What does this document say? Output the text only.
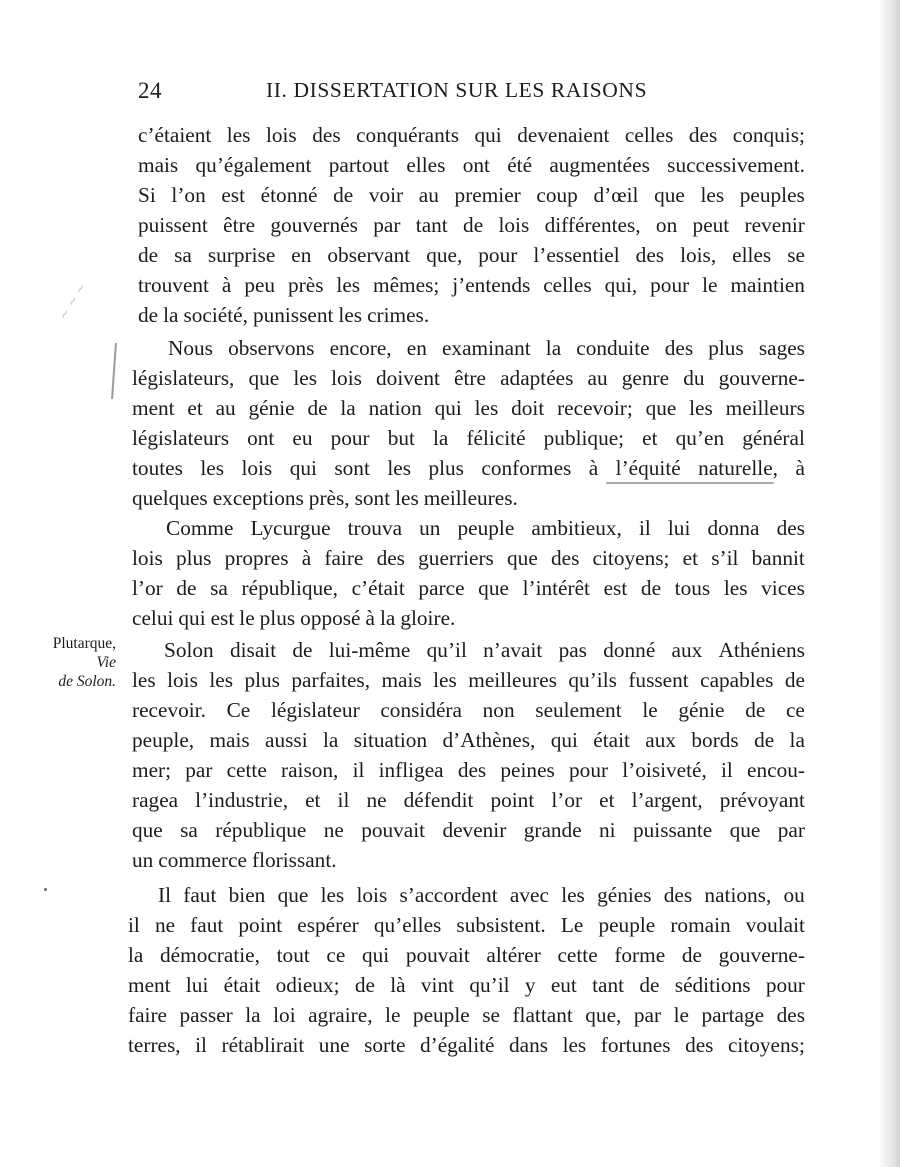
24	II. DISSERTATION SUR LES RAISONS
Plutarque,
Vie
de Solon.
~ ~ ~
c’étaient les lois des conquérants qui devenaient celles des conquis;
mais qu’également partout elles ont été augmentées successivement.
Si l’on est étonné de voir au premier coup d’œil que les peuples
puissent être gouvernés par tant de lois différentes, on peut revenir
de sa surprise en observant que, pour l’essentiel des lois, elles se
trouvent à peu près les mêmes; j’entends celles qui, pour le maintien
de la société, punissent les crimes.
Nous observons encore, en examinant la conduite des plus sages
législateurs, que les lois doivent être adaptées au genre du gouverne-
ment et au génie de la nation qui les doit recevoir; que les meilleurs
législateurs ont eu pour but la félicité publique; et qu’en général
toutes les lois qui sont les plus conformes à l’équité naturelle, à
quelques exceptions près, sont les meilleures.
Comme Lycurgue trouva un peuple ambitieux, il lui donna des
lois plus propres à faire des guerriers que des citoyens; et s’il bannit
l’or de sa république, c’était parce que l’intérêt est de tous les vices
celui qui est le plus opposé à la gloire.
Solon disait de lui-même qu’il n’avait pas donné aux Athéniens
les lois les plus parfaites, mais les meilleures qu’ils fussent capables de
recevoir. Ce législateur considéra non seulement le génie de ce
peuple, mais aussi la situation d’Athènes, qui était aux bords de la
mer; par cette raison, il infligea des peines pour l’oisiveté, il encou-
ragea l’industrie, et il ne défendit point l’or et l’argent, prévoyant
que sa république ne pouvait devenir grande ni puissante que par
un commerce florissant.
Il faut bien que les lois s’accordent avec les génies des nations, ou
il ne faut point espérer qu’elles subsistent. Le peuple romain voulait
la démocratie, tout ce qui pouvait altérer cette forme de gouverne-
ment lui était odieux; de là vint qu’il y eut tant de séditions pour
faire passer la loi agraire, le peuple se flattant que, par le partage des
terres, il rétablirait une sorte d’égalité dans les fortunes des citoyens;
